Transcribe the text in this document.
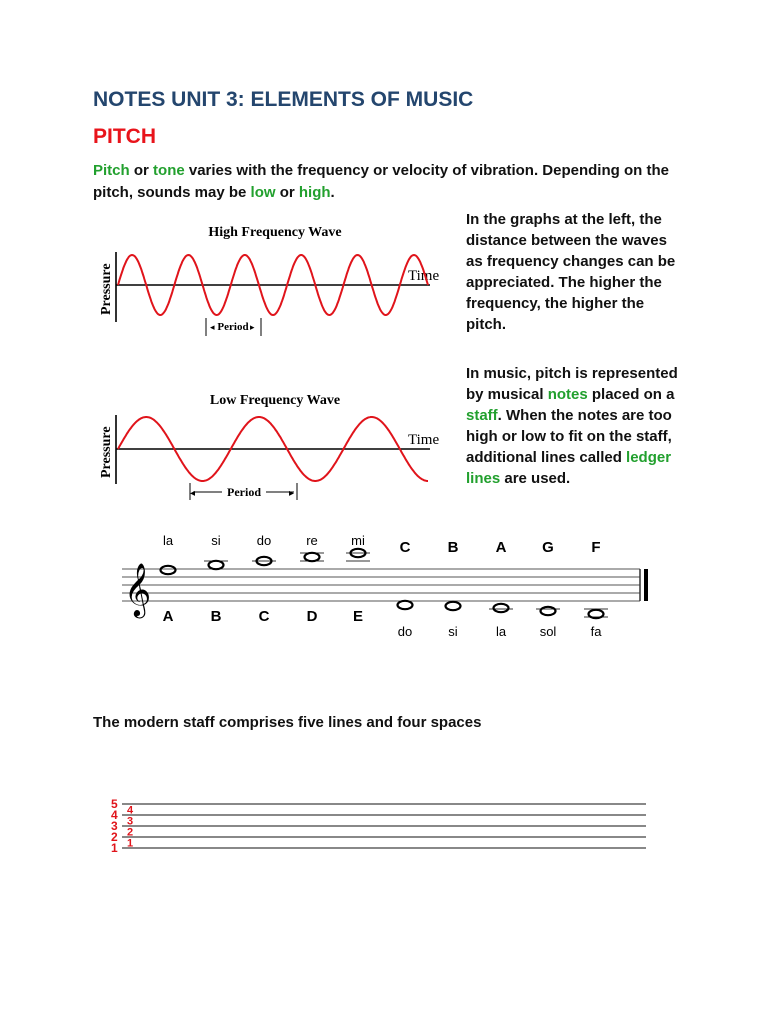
NOTES UNIT 3: ELEMENTS OF MUSIC
PITCH

Pitch or tone varies with the frequency or velocity of vibration. Depending on the pitch, sounds may be low or high.

In the graphs at the left, the distance between the waves as frequency changes can be appreciated. The higher the frequency, the higher the pitch.

In music, pitch is represented by musical notes placed on a staff. When the notes are too high or low to fit on the staff, additional lines called ledger lines are used.

High Frequency Wave
Pressure	Time
◂	▸
Period
Low Frequency Wave
Pressure	Time
◂	▸
Period
𝄞
la
A
si
B
do
C
re
D
mi
E
C
do
B
si
A
la
G
sol
F
fa

The modern staff comprises five lines and four spaces

5
4
3
2
1
4
3
2
1
